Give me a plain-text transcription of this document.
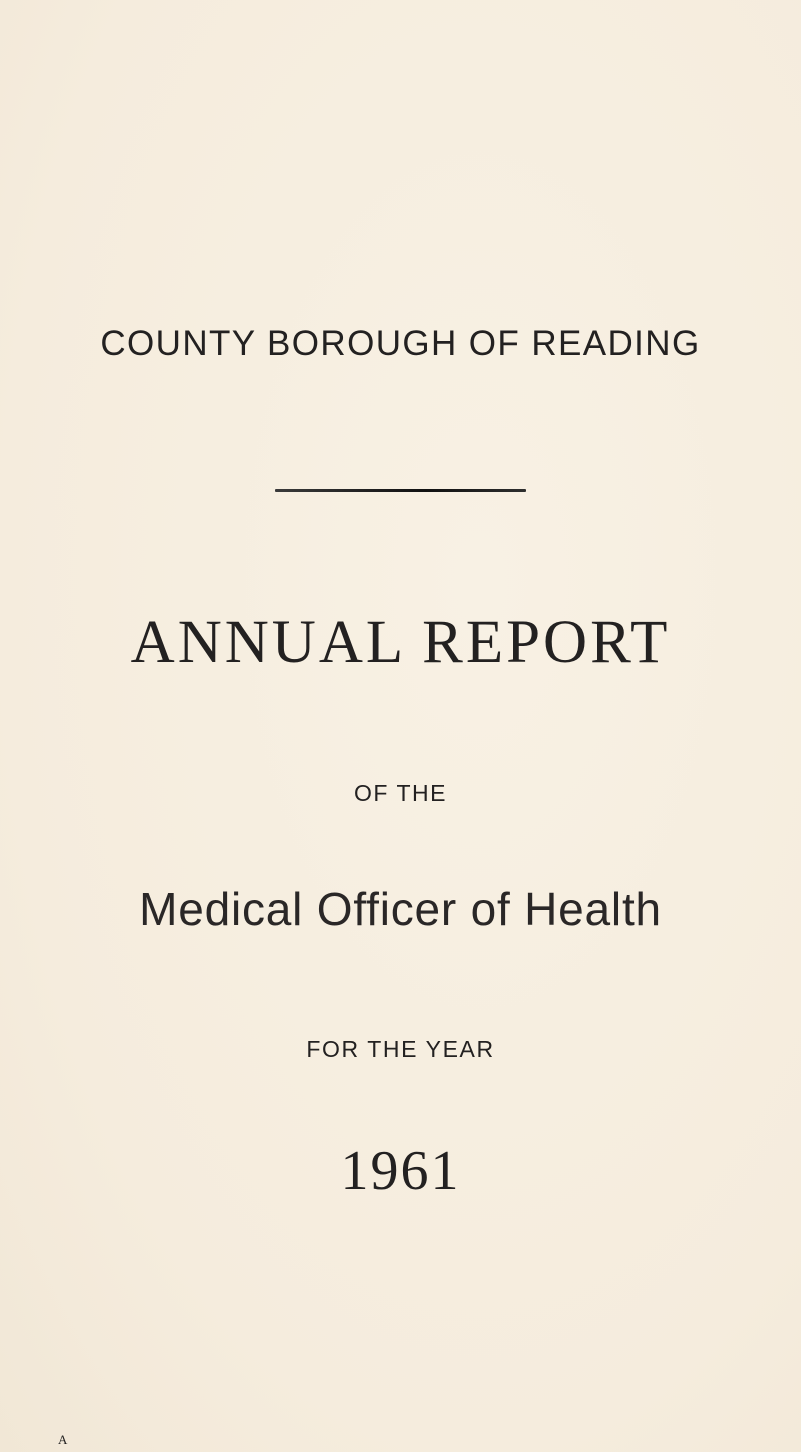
COUNTY BOROUGH OF READING
ANNUAL REPORT
OF THE
Medical Officer of Health
FOR THE YEAR
1961
A
